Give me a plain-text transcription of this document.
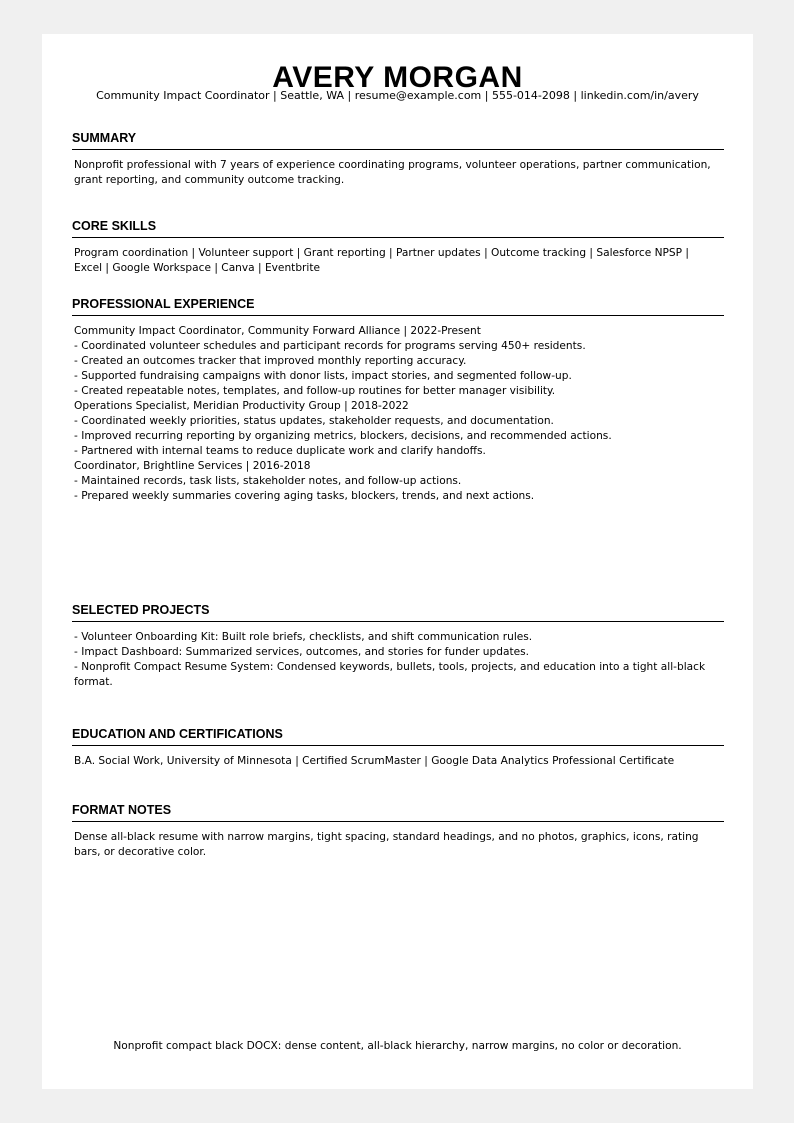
AVERY MORGAN
Community Impact Coordinator | Seattle, WA | resume@example.com | 555-014-2098 | linkedin.com/in/avery
SUMMARY
Nonprofit professional with 7 years of experience coordinating programs, volunteer operations, partner communication, grant reporting, and community outcome tracking.
CORE SKILLS
Program coordination | Volunteer support | Grant reporting | Partner updates | Outcome tracking | Salesforce NPSP | Excel | Google Workspace | Canva | Eventbrite
PROFESSIONAL EXPERIENCE
Community Impact Coordinator, Community Forward Alliance | 2022-Present
- Coordinated volunteer schedules and participant records for programs serving 450+ residents.
- Created an outcomes tracker that improved monthly reporting accuracy.
- Supported fundraising campaigns with donor lists, impact stories, and segmented follow-up.
- Created repeatable notes, templates, and follow-up routines for better manager visibility.
Operations Specialist, Meridian Productivity Group | 2018-2022
- Coordinated weekly priorities, status updates, stakeholder requests, and documentation.
- Improved recurring reporting by organizing metrics, blockers, decisions, and recommended actions.
- Partnered with internal teams to reduce duplicate work and clarify handoffs.
Coordinator, Brightline Services | 2016-2018
- Maintained records, task lists, stakeholder notes, and follow-up actions.
- Prepared weekly summaries covering aging tasks, blockers, trends, and next actions.
SELECTED PROJECTS
- Volunteer Onboarding Kit: Built role briefs, checklists, and shift communication rules.
- Impact Dashboard: Summarized services, outcomes, and stories for funder updates.
- Nonprofit Compact Resume System: Condensed keywords, bullets, tools, projects, and education into a tight all-black format.
EDUCATION AND CERTIFICATIONS
B.A. Social Work, University of Minnesota | Certified ScrumMaster | Google Data Analytics Professional Certificate
FORMAT NOTES
Dense all-black resume with narrow margins, tight spacing, standard headings, and no photos, graphics, icons, rating bars, or decorative color.
Nonprofit compact black DOCX: dense content, all-black hierarchy, narrow margins, no color or decoration.
